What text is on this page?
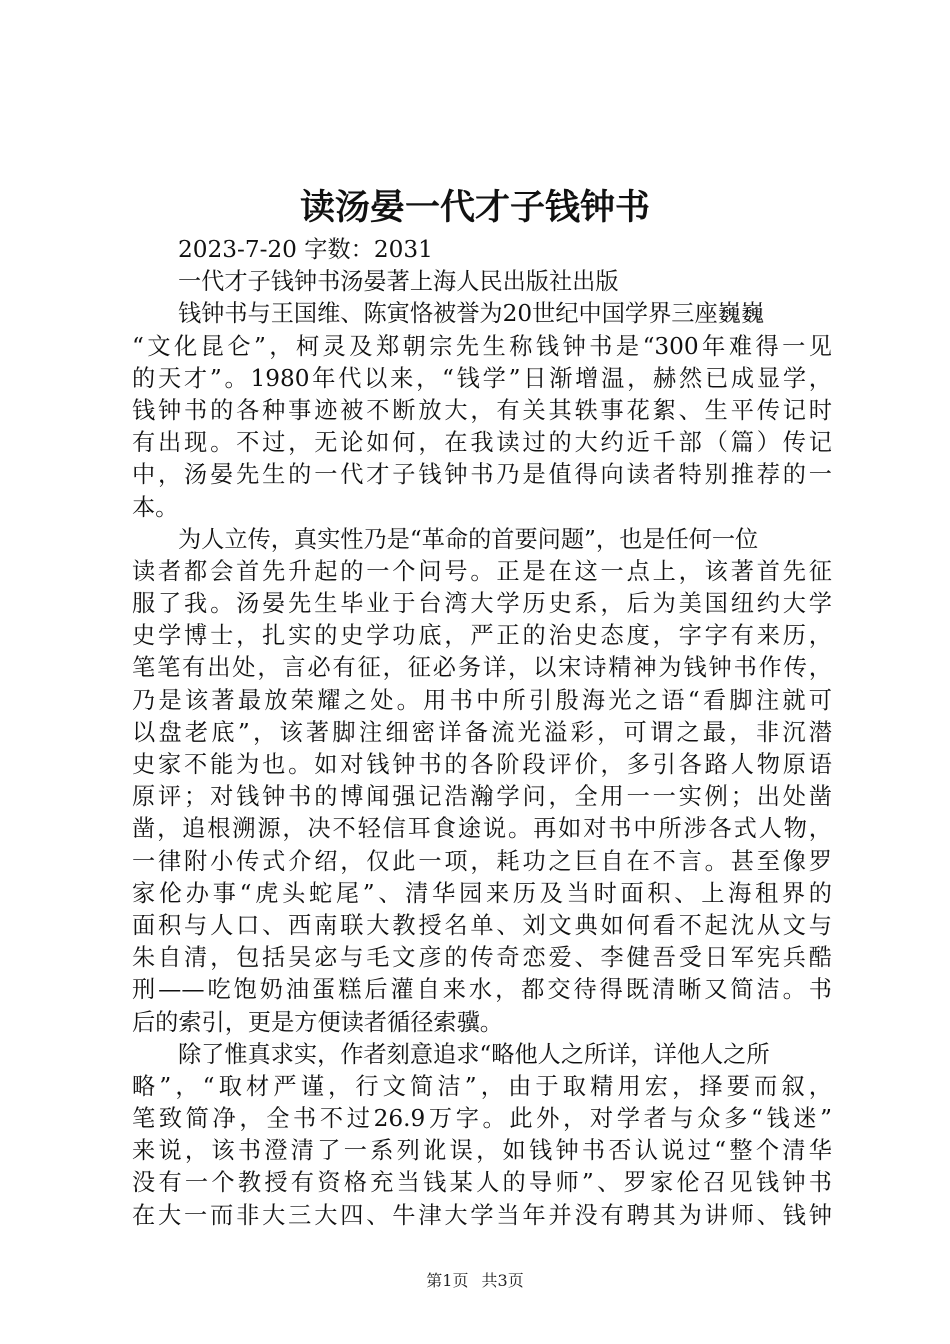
读汤晏一代才子钱钟书
2023-7-20 字数：2031
一代才子钱钟书汤晏著上海人民出版社出版
钱钟书与王国维、陈寅恪被誉为20世纪中国学界三座巍巍
“文化昆仑”，柯灵及郑朝宗先生称钱钟书是“300年难得一见
的天才”。1980年代以来，“钱学”日渐增温，赫然已成显学，
钱钟书的各种事迹被不断放大，有关其轶事花絮、生平传记时
有出现。不过，无论如何，在我读过的大约近千部（篇）传记
中，汤晏先生的一代才子钱钟书乃是值得向读者特别推荐的一
本。
为人立传，真实性乃是“革命的首要问题”，也是任何一位
读者都会首先升起的一个问号。正是在这一点上，该著首先征
服了我。汤晏先生毕业于台湾大学历史系，后为美国纽约大学
史学博士，扎实的史学功底，严正的治史态度，字字有来历，
笔笔有出处，言必有征，征必务详，以宋诗精神为钱钟书作传，
乃是该著最放荣耀之处。用书中所引殷海光之语“看脚注就可
以盘老底”，该著脚注细密详备流光溢彩，可谓之最，非沉潜
史家不能为也。如对钱钟书的各阶段评价，多引各路人物原语
原评；对钱钟书的博闻强记浩瀚学问，全用一一实例；出处凿
凿，追根溯源，决不轻信耳食途说。再如对书中所涉各式人物，
一律附小传式介绍，仅此一项，耗功之巨自在不言。甚至像罗
家伦办事“虎头蛇尾”、清华园来历及当时面积、上海租界的
面积与人口、西南联大教授名单、刘文典如何看不起沈从文与
朱自清，包括吴宓与毛文彦的传奇恋爱、李健吾受日军宪兵酷
刑——吃饱奶油蛋糕后灌自来水，都交待得既清晰又简洁。书
后的索引，更是方便读者循径索骥。
除了惟真求实，作者刻意追求“略他人之所详，详他人之所
略”，“取材严谨，行文简洁”，由于取精用宏，择要而叙，
笔致简净，全书不过26.9万字。此外，对学者与众多“钱迷”
来说，该书澄清了一系列讹误，如钱钟书否认说过“整个清华
没有一个教授有资格充当钱某人的导师”、罗家伦召见钱钟书
在大一而非大三大四、牛津大学当年并没有聘其为讲师、钱钟
第1页 共3页
